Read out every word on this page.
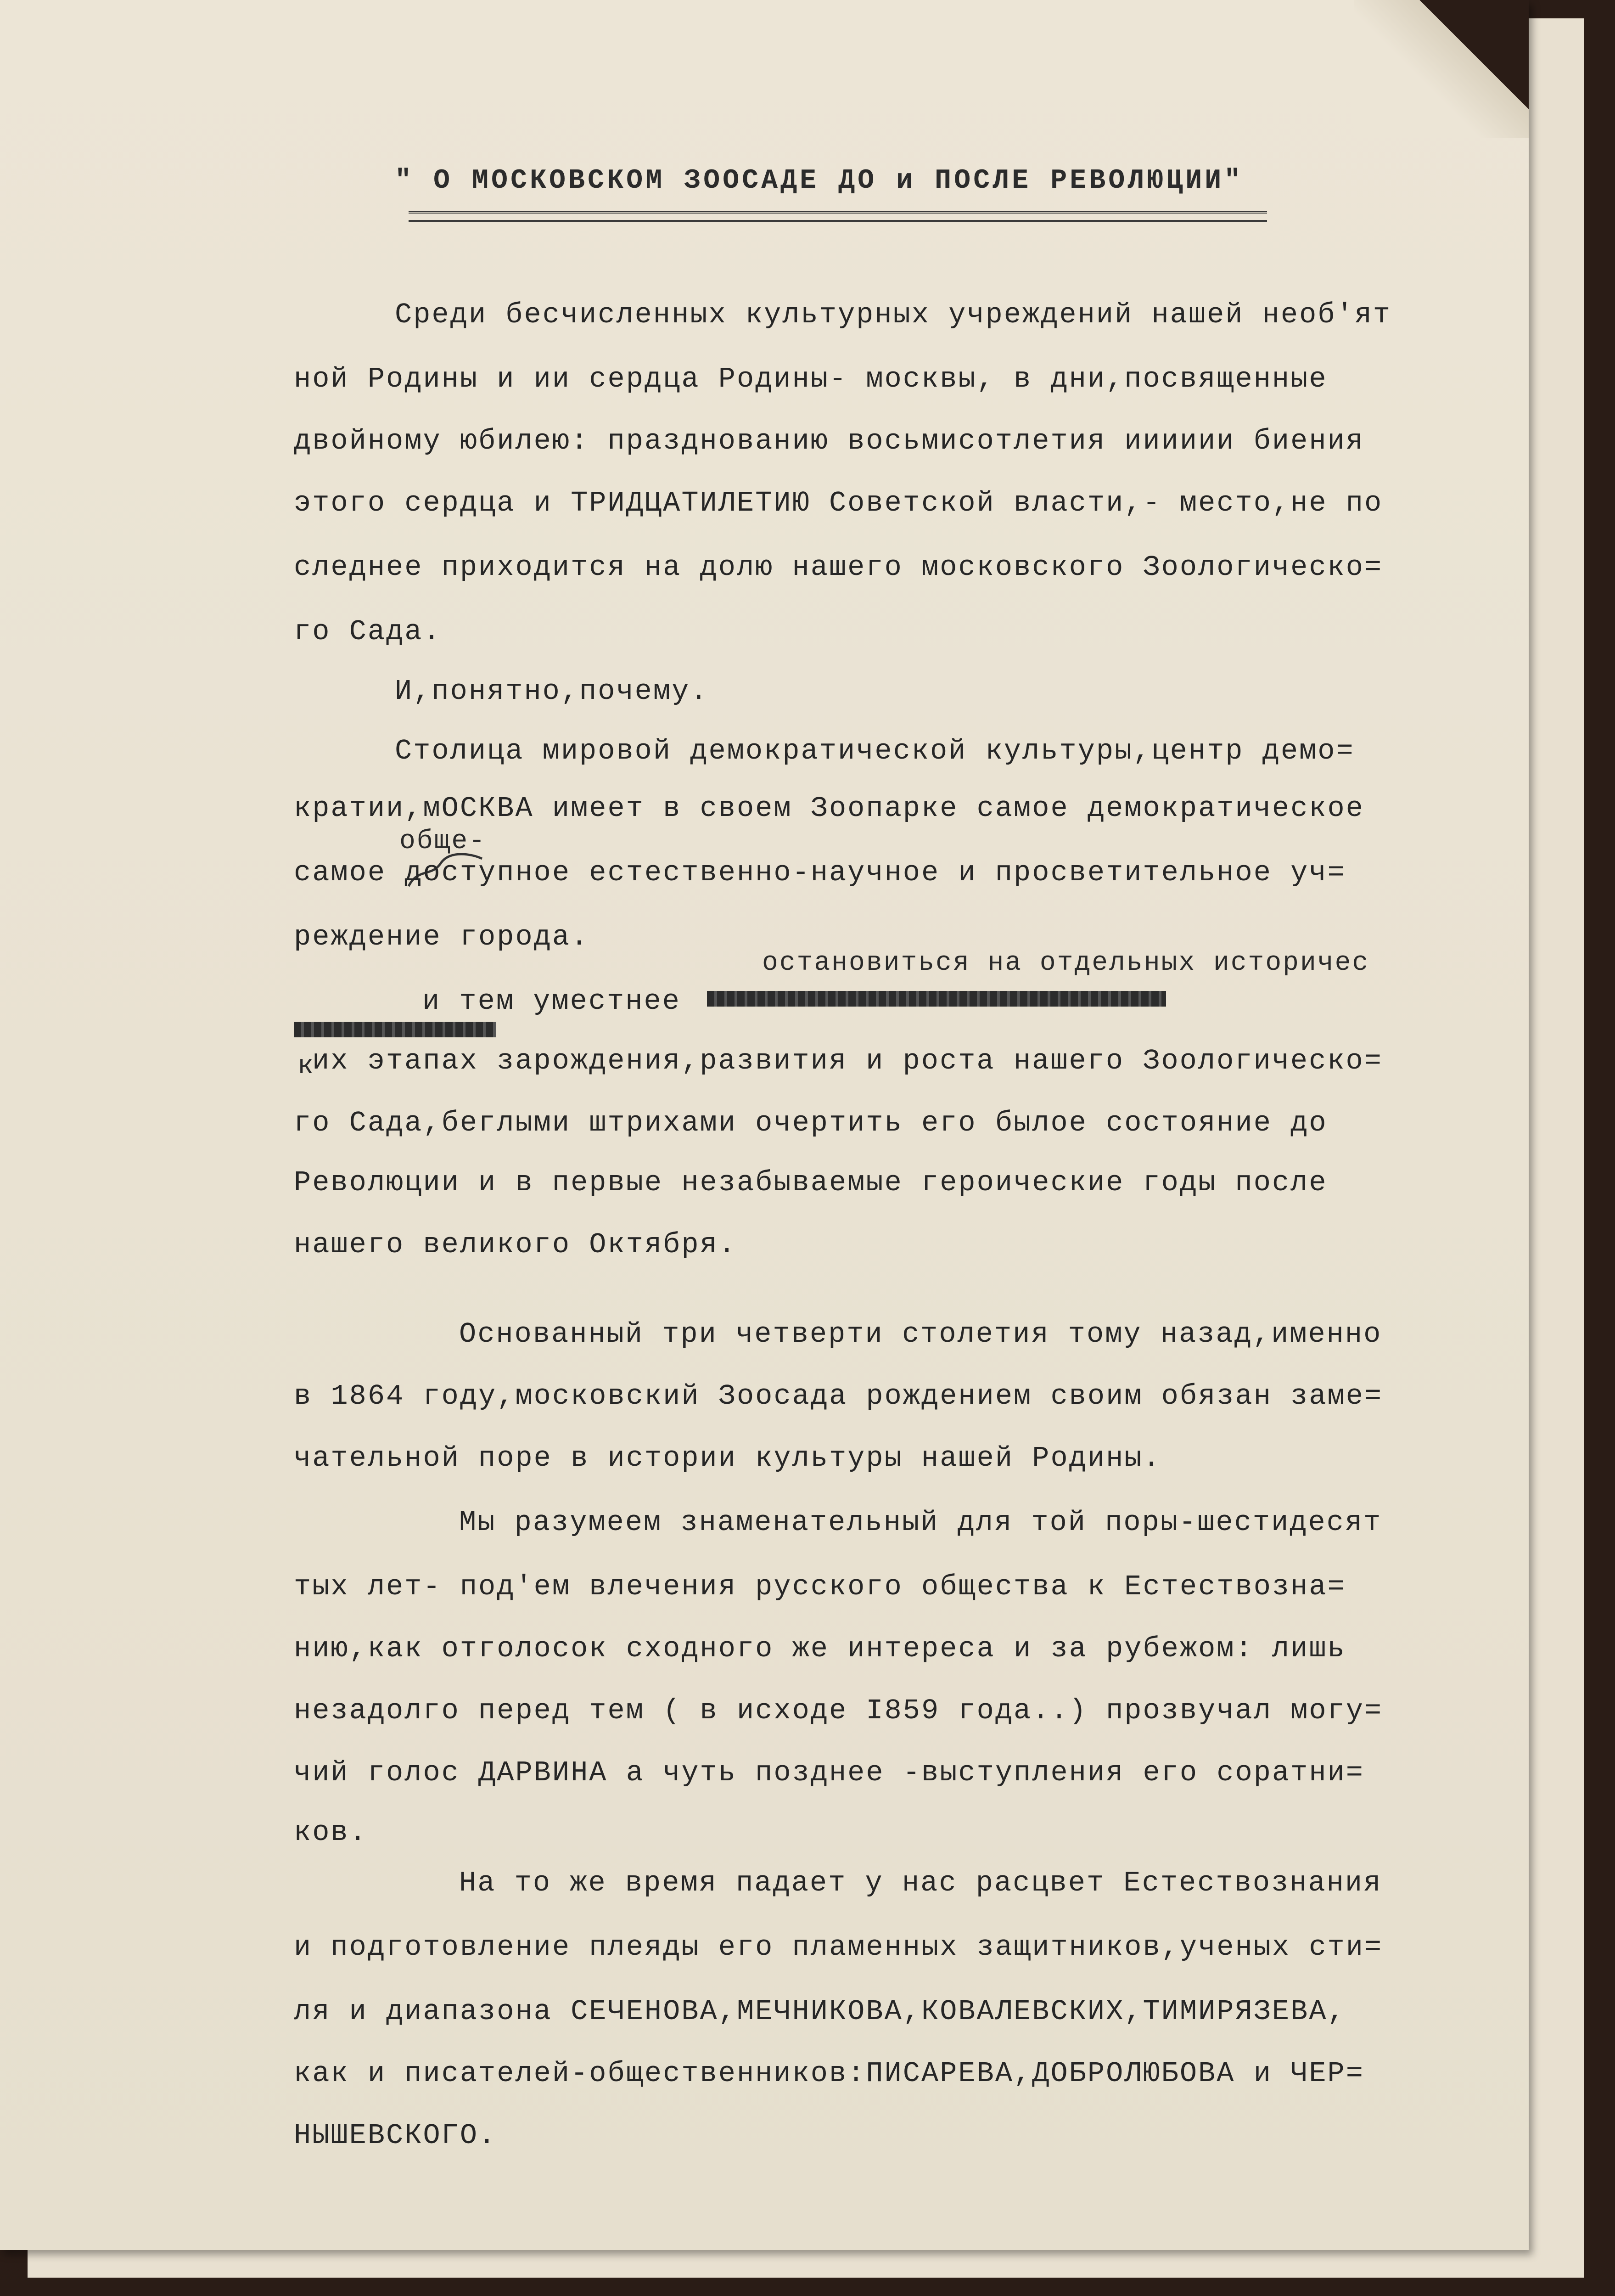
" О МОСКОВСКОМ ЗООСАДЕ ДО и ПОСЛЕ РЕВОЛЮЦИИ"
Среди бесчисленных культурных учреждений нашей необ'ят
ной Родины и ии сердца Родины- москвы, в дни,посвященные
двойному юбилею: празднованию восьмисотлетия ииииии биения
этого сердца и ТРИДЦАТИЛЕТИЮ Советской власти,- место,не по
следнее приходится на долю нашего московского Зоологическо=
го Сада.
И,понятно,почему.
Столица мировой демократической культуры,центр демо=
кратии,мОСКВА имеет в своем Зоопарке самое демократическое
обще-
самое доступное естественно-научное и просветительное уч=
реждение города.
остановиться на отдельных историчес
и тем уместнее
к
их этапах зарождения,развития и роста нашего Зоологическо=
го Сада,беглыми штрихами очертить его былое состояние до
Революции и в первые незабываемые героические годы после
нашего великого Октября.
Основанный три четверти столетия тому назад,именно
в 1864 году,московский Зоосада рождением своим обязан заме=
чательной поре в истории культуры нашей Родины.
Мы разумеем знаменательный для той поры-шестидесят
тых лет- под'ем влечения русского общества к Естествозна=
нию,как отголосок сходного же интереса и за рубежом: лишь
незадолго перед тем ( в исходе I859 года..) прозвучал могу=
чий голос ДАРВИНА а чуть позднее -выступления его соратни=
ков.
На то же время падает у нас расцвет Естествознания
и подготовление плеяды его пламенных защитников,ученых сти=
ля и диапазона СЕЧЕНОВА,МЕЧНИКОВА,КОВАЛЕВСКИХ,ТИМИРЯЗЕВА,
как и писателей-общественников:ПИСАРЕВА,ДОБРОЛЮБОВА и ЧЕР=
НЫШЕВСКОГО.
